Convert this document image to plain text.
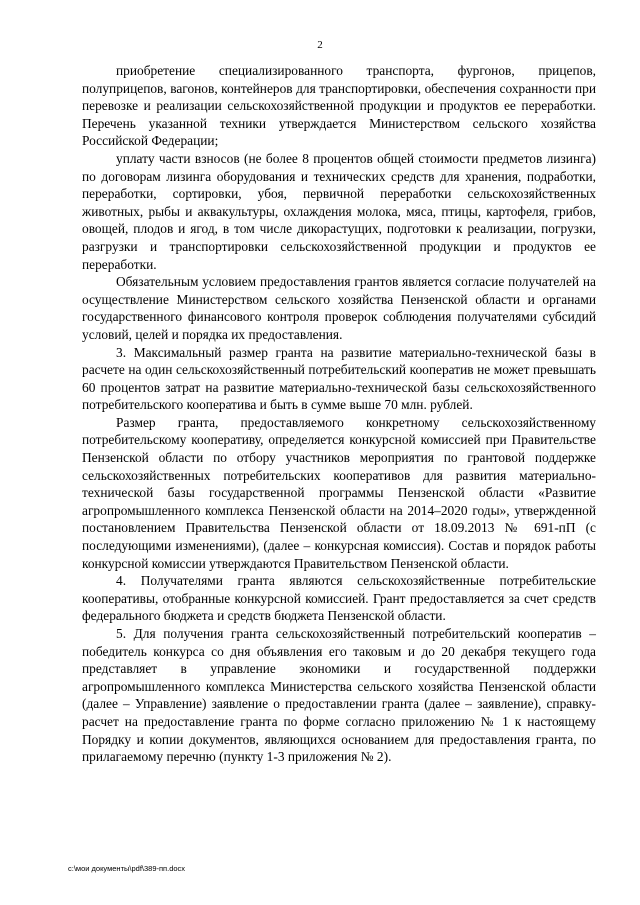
2

приобретение специализированного транспорта, фургонов, прицепов, полуприцепов, вагонов, контейнеров для транспортировки, обеспечения сохранности при перевозке и реализации сельскохозяйственной продукции и продуктов ее переработки. Перечень указанной техники утверждается Министерством сельского хозяйства Российской Федерации;

уплату части взносов (не более 8 процентов общей стоимости предметов лизинга) по договорам лизинга оборудования и технических средств для хранения, подработки, переработки, сортировки, убоя, первичной переработки сельскохозяйственных животных, рыбы и аквакультуры, охлаждения молока, мяса, птицы, картофеля, грибов, овощей, плодов и ягод, в том числе дикорастущих, подготовки к реализации, погрузки, разгрузки и транспортировки сельскохозяйственной продукции и продуктов ее переработки.

Обязательным условием предоставления грантов является согласие получателей на осуществление Министерством сельского хозяйства Пензенской области и органами государственного финансового контроля проверок соблюдения получателями субсидий условий, целей и порядка их предоставления.

3. Максимальный размер гранта на развитие материально-технической базы в расчете на один сельскохозяйственный потребительский кооператив не может превышать 60 процентов затрат на развитие материально-технической базы сельскохозяйственного потребительского кооператива и быть в сумме выше 70 млн. рублей.

Размер гранта, предоставляемого конкретному сельскохозяйственному потребительскому кооперативу, определяется конкурсной комиссией при Правительстве Пензенской области по отбору участников мероприятия по грантовой поддержке сельскохозяйственных потребительских кооперативов для развития материально-технической базы государственной программы Пензенской области «Развитие агропромышленного комплекса Пензенской области на 2014–2020 годы», утвержденной постановлением Правительства Пензенской области от 18.09.2013 № 691-пП (с последующими изменениями), (далее – конкурсная комиссия). Состав и порядок работы конкурсной комиссии утверждаются Правительством Пензенской области.

4. Получателями гранта являются сельскохозяйственные потребительские кооперативы, отобранные конкурсной комиссией. Грант предоставляется за счет средств федерального бюджета и средств бюджета Пензенской области.

5. Для получения гранта сельскохозяйственный потребительский кооператив – победитель конкурса со дня объявления его таковым и до 20 декабря текущего года представляет в управление экономики и государственной поддержки агропромышленного комплекса Министерства сельского хозяйства Пензенской области (далее – Управление) заявление о предоставлении гранта (далее – заявление), справку-расчет на предоставление гранта по форме согласно приложению № 1 к настоящему Порядку и копии документов, являющихся основанием для предоставления гранта, по прилагаемому перечню (пункту 1-3 приложения № 2).

c:\мои документы\pdf\389-пп.docx
